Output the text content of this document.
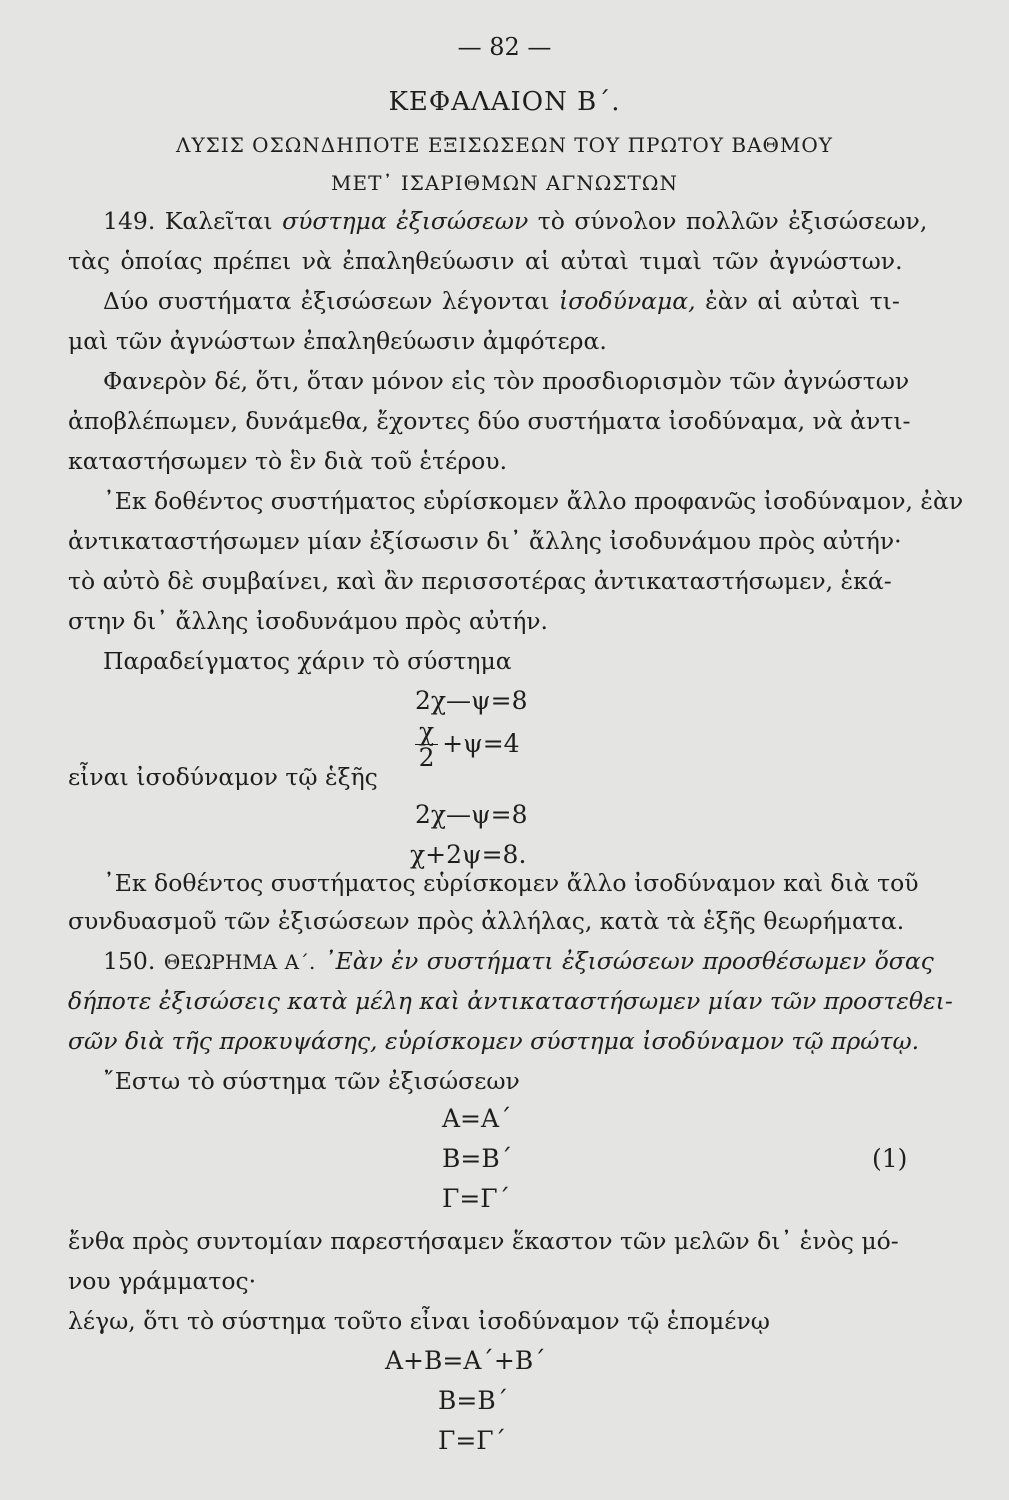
— 82 —
ΚΕΦΑΛΑΙΟΝ Β΄.
ΛΥΣΙΣ ΟΣΩΝΔΗΠΟΤΕ ΕΞΙΣΩΣΕΩΝ ΤΟΥ ΠΡΩΤΟΥ ΒΑΘΜΟΥ
ΜΕΤ᾽ ΙΣΑΡΙΘΜΩΝ ΑΓΝΩΣΤΩΝ
149. Καλεῖται σύστημα ἐξισώσεων τὸ σύνολον πολλῶν ἐξισώσεων,
τὰς ὁποίας πρέπει νὰ ἐπαληθεύωσιν αἱ αὐταὶ τιμαὶ τῶν ἀγνώστων.
Δύο συστήματα ἐξισώσεων λέγονται ἰσοδύναμα, ἐὰν αἱ αὐταὶ τι-
μαὶ τῶν ἀγνώστων ἐπαληθεύωσιν ἀμφότερα.
Φανερὸν δέ, ὅτι, ὅταν μόνον εἰς τὸν προσδιορισμὸν τῶν ἀγνώστων
ἀποβλέπωμεν, δυνάμεθα, ἔχοντες δύο συστήματα ἰσοδύναμα, νὰ ἀντι-
καταστήσωμεν τὸ ἓν διὰ τοῦ ἑτέρου.
᾽Εκ δοθέντος συστήματος εὑρίσκομεν ἄλλο προφανῶς ἰσοδύναμον, ἐὰν
ἀντικαταστήσωμεν μίαν ἐξίσωσιν δι᾽ ἄλλης ἰσοδυνάμου πρὸς αὐτήν·
τὸ αὐτὸ δὲ συμβαίνει, καὶ ἂν περισσοτέρας ἀντικαταστήσωμεν, ἑκά-
στην δι᾽ ἄλλης ἰσοδυνάμου πρὸς αὐτήν.
Παραδείγματος χάριν τὸ σύστημα
2χ—ψ=8
$\frac{\chi}{2} +\psi=4$
εἶναι ἰσοδύναμον τῷ ἑξῆς
2χ—ψ=8
χ+2ψ=8.
᾽Εκ δοθέντος συστήματος εὑρίσκομεν ἄλλο ἰσοδύναμον καὶ διὰ τοῦ
συνδυασμοῦ τῶν ἐξισώσεων πρὸς ἀλλήλας, κατὰ τὰ ἑξῆς θεωρήματα.
150. ΘΕΩΡΗΜΑ Α΄. ᾽Εὰν ἐν συστήματι ἐξισώσεων προσθέσωμεν ὅσας
δήποτε ἐξισώσεις κατὰ μέλη καὶ ἀντικαταστήσωμεν μίαν τῶν προστεθει-
σῶν διὰ τῆς προκυψάσης, εὑρίσκομεν σύστημα ἰσοδύναμον τῷ πρώτῳ.
῎Εστω τὸ σύστημα τῶν ἐξισώσεων
A=A΄
B=B΄	(1)
Γ=Γ΄
ἔνθα πρὸς συντομίαν παρεστήσαμεν ἕκαστον τῶν μελῶν δι᾽ ἑνὸς μό-
νου γράμματος·
λέγω, ὅτι τὸ σύστημα τοῦτο εἶναι ἰσοδύναμον τῷ ἑπομένῳ
A+B=A΄+B΄
B=B΄
Γ=Γ΄
